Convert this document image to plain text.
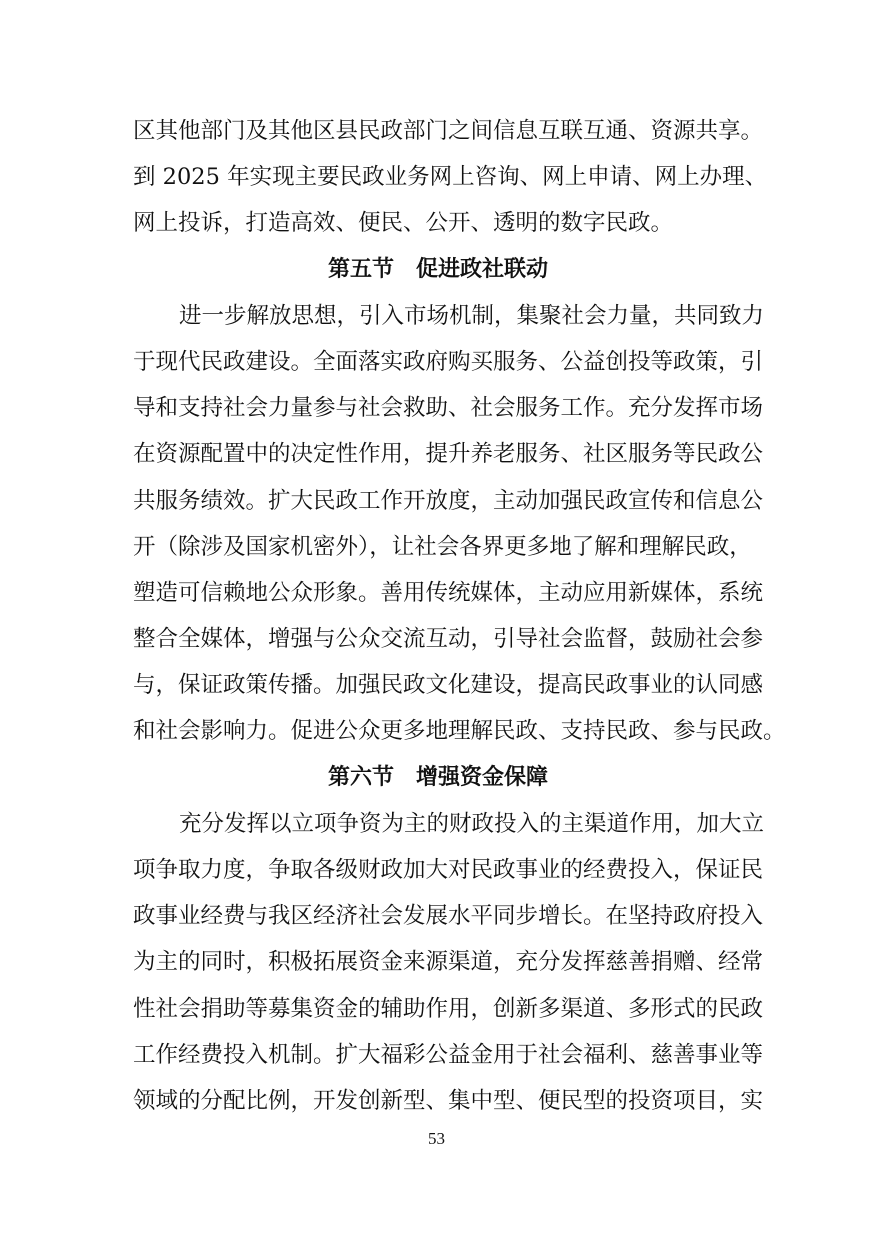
区其他部门及其他区县民政部门之间信息互联互通、资源共享。
到 2025 年实现主要民政业务网上咨询、网上申请、网上办理、
网上投诉，打造高效、便民、公开、透明的数字民政。
第五节 促进政社联动
进一步解放思想，引入市场机制，集聚社会力量，共同致力
于现代民政建设。全面落实政府购买服务、公益创投等政策，引
导和支持社会力量参与社会救助、社会服务工作。充分发挥市场
在资源配置中的决定性作用，提升养老服务、社区服务等民政公
共服务绩效。扩大民政工作开放度，主动加强民政宣传和信息公
开（除涉及国家机密外），让社会各界更多地了解和理解民政，
塑造可信赖地公众形象。善用传统媒体，主动应用新媒体，系统
整合全媒体，增强与公众交流互动，引导社会监督，鼓励社会参
与，保证政策传播。加强民政文化建设，提高民政事业的认同感
和社会影响力。促进公众更多地理解民政、支持民政、参与民政。
第六节 增强资金保障
充分发挥以立项争资为主的财政投入的主渠道作用，加大立
项争取力度，争取各级财政加大对民政事业的经费投入，保证民
政事业经费与我区经济社会发展水平同步增长。在坚持政府投入
为主的同时，积极拓展资金来源渠道，充分发挥慈善捐赠、经常
性社会捐助等募集资金的辅助作用，创新多渠道、多形式的民政
工作经费投入机制。扩大福彩公益金用于社会福利、慈善事业等
领域的分配比例，开发创新型、集中型、便民型的投资项目，实
53
